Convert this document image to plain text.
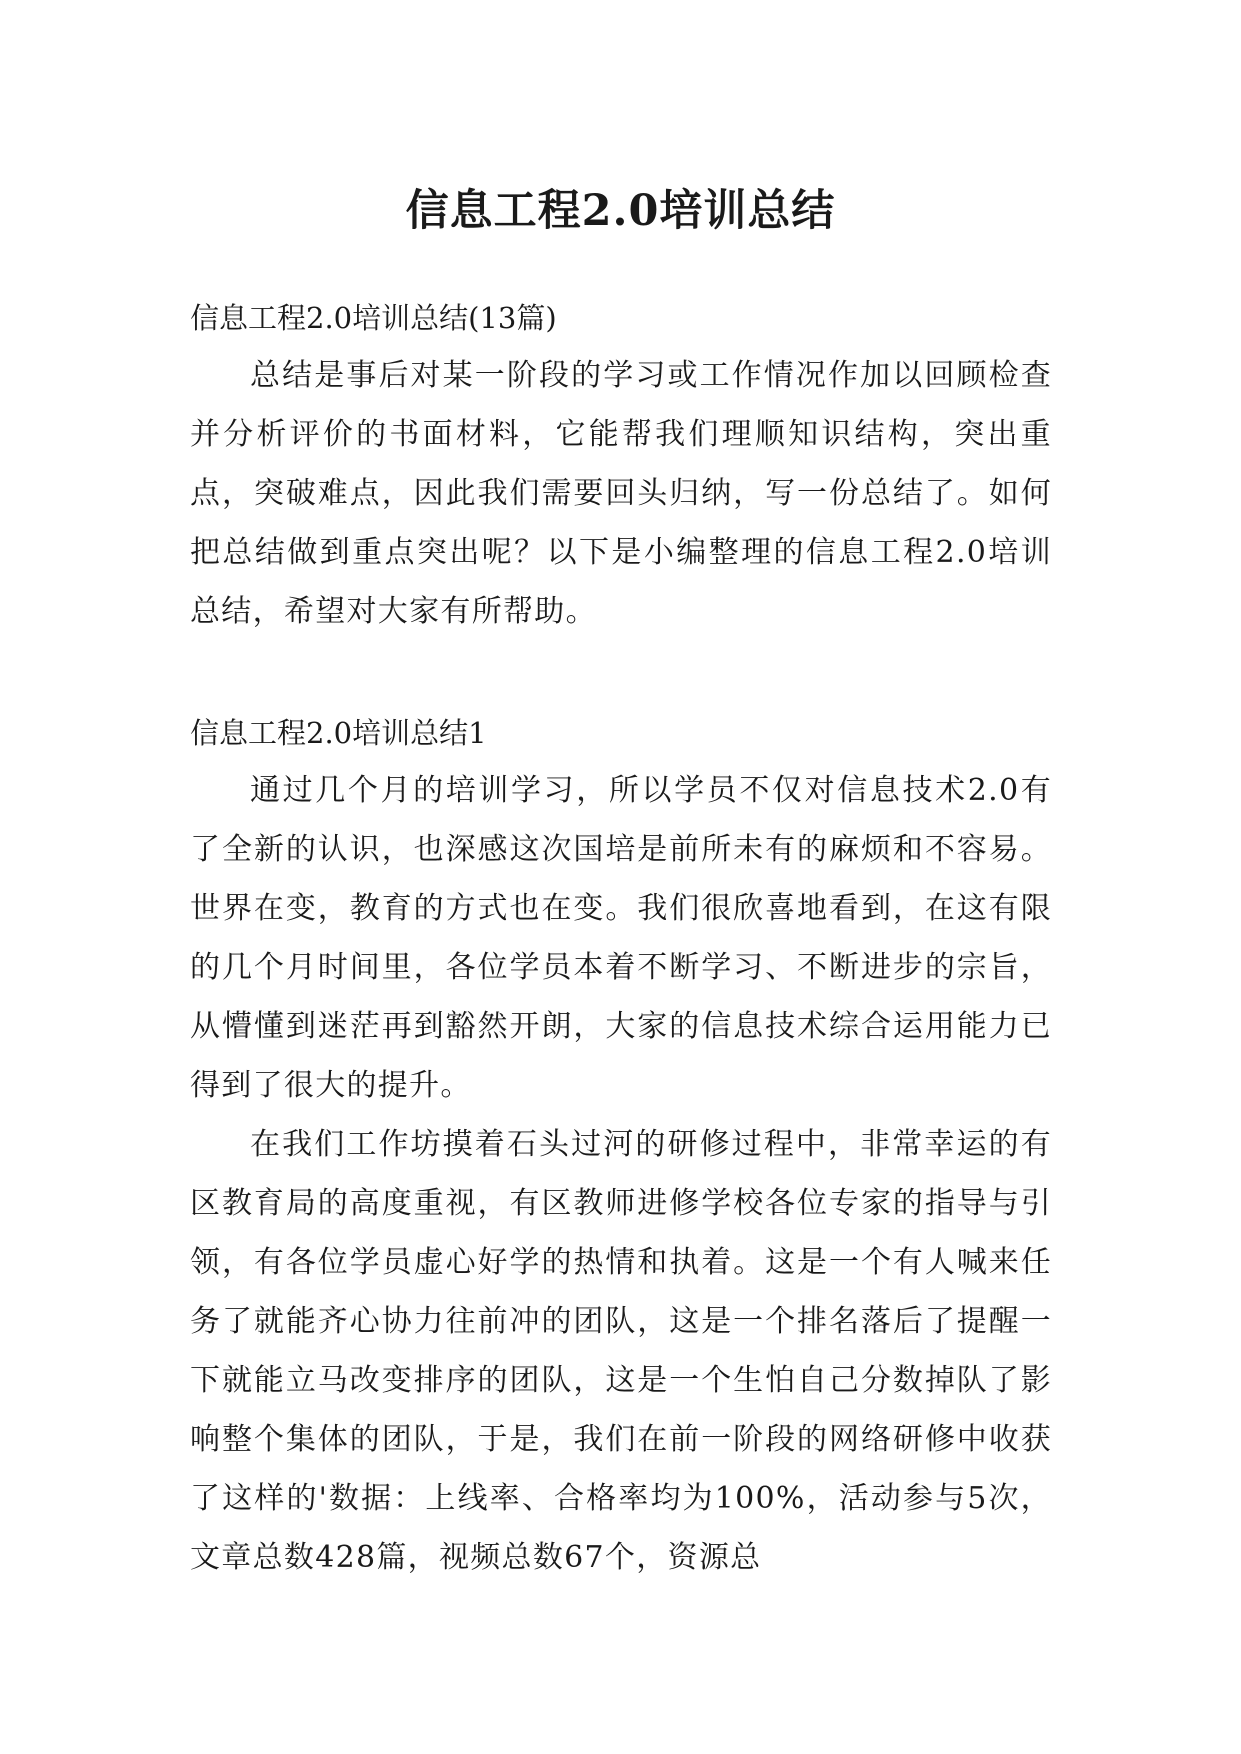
信息工程2.0培训总结

信息工程2.0培训总结(13篇)

总结是事后对某一阶段的学习或工作情况作加以回顾检查并分析评价的书面材料，它能帮我们理顺知识结构，突出重点，突破难点，因此我们需要回头归纳，写一份总结了。如何把总结做到重点突出呢？以下是小编整理的信息工程2.0培训总结，希望对大家有所帮助。

信息工程2.0培训总结1

通过几个月的培训学习，所以学员不仅对信息技术2.0有了全新的认识，也深感这次国培是前所未有的麻烦和不容易。世界在变，教育的方式也在变。我们很欣喜地看到，在这有限的几个月时间里，各位学员本着不断学习、不断进步的宗旨，从懵懂到迷茫再到豁然开朗，大家的信息技术综合运用能力已得到了很大的提升。

在我们工作坊摸着石头过河的研修过程中，非常幸运的有区教育局的高度重视，有区教师进修学校各位专家的指导与引领，有各位学员虚心好学的热情和执着。这是一个有人喊来任务了就能齐心协力往前冲的团队，这是一个排名落后了提醒一下就能立马改变排序的团队，这是一个生怕自己分数掉队了影响整个集体的团队，于是，我们在前一阶段的网络研修中收获了这样的'数据：上线率、合格率均为100%，活动参与5次，文章总数428篇，视频总数67个，资源总
